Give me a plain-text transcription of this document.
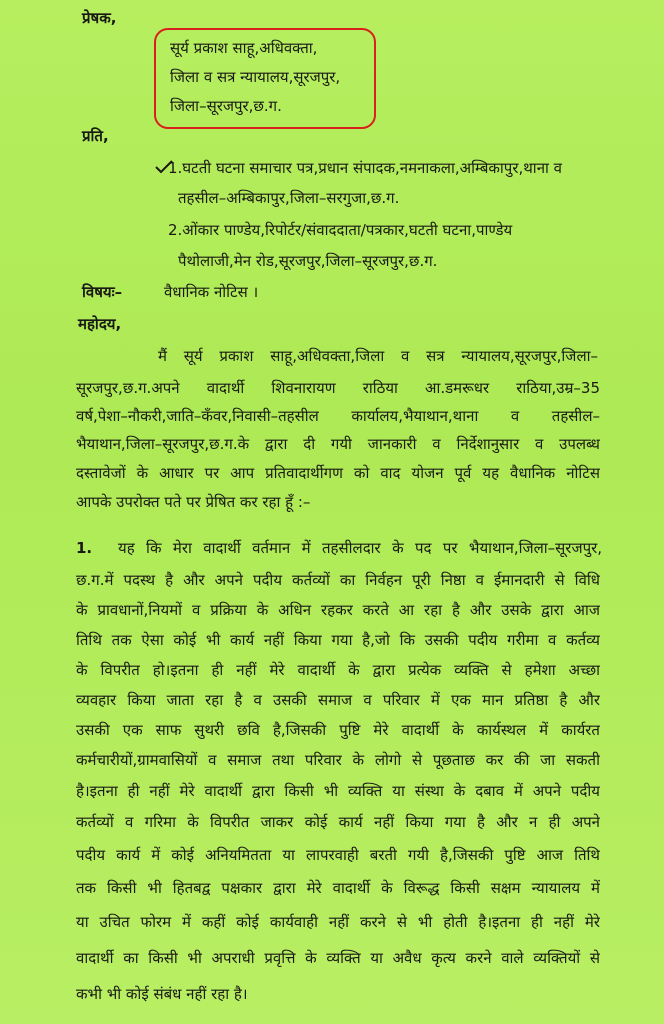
प्रेषक,
सूर्य प्रकाश साहू,अधिवक्ता,
जिला व सत्र न्यायालय,सूरजपुर,
जिला–सूरजपुर,छ.ग.
प्रति,
1.घटती घटना समाचार पत्र,प्रधान संपादक,नमनाकला,अम्बिकापुर,थाना व
तहसील–अम्बिकापुर,जिला–सरगुजा,छ.ग.
2.ओंकार पाण्डेय,रिपोर्टर/संवाददाता/पत्रकार,घटती घटना,पाण्डेय
पैथोलाजी,मेन रोड,सूरजपुर,जिला–सूरजपुर,छ.ग.
विषयः–	वैधानिक नोटिस ।
महोदय,
मैं सूर्य प्रकाश साहू,अधिवक्ता,जिला व सत्र न्यायालय,सूरजपुर,जिला–
सूरजपुर,छ.ग.अपने वादार्थी शिवनारायण राठिया आ.डमरूधर राठिया,उम्र–35
वर्ष,पेशा–नौकरी,जाति–कँवर,निवासी–तहसील कार्यालय,भैयाथान,थाना व तहसील–
भैयाथान,जिला–सूरजपुर,छ.ग.के द्वारा दी गयी जानकारी व निर्देशानुसार व उपलब्ध
दस्तावेजों के आधार पर आप प्रतिवादार्थीगण को वाद योजन पूर्व यह वैधानिक नोटिस
आपके उपरोक्त पते पर प्रेषित कर रहा हूँ :–
1. यह कि मेरा वादार्थी वर्तमान में तहसीलदार के पद पर भैयाथान,जिला–सूरजपुर,
छ.ग.में पदस्थ है और अपने पदीय कर्तव्यों का निर्वहन पूरी निष्ठा व ईमानदारी से विधि
के प्रावधानों,नियमों व प्रक्रिया के अधिन रहकर करते आ रहा है और उसके द्वारा आज
तिथि तक ऐसा कोई भी कार्य नहीं किया गया है,जो कि उसकी पदीय गरीमा व कर्तव्य
के विपरीत हो।इतना ही नहीं मेरे वादार्थी के द्वारा प्रत्येक व्यक्ति से हमेशा अच्छा
व्यवहार किया जाता रहा है व उसकी समाज व परिवार में एक मान प्रतिष्ठा है और
उसकी एक साफ सुथरी छवि है,जिसकी पुष्टि मेरे वादार्थी के कार्यस्थल में कार्यरत
कर्मचारीयों,ग्रामवासियों व समाज तथा परिवार के लोगो से पूछताछ कर की जा सकती
है।इतना ही नहीं मेरे वादार्थी द्वारा किसी भी व्यक्ति या संस्था के दबाव में अपने पदीय
कर्तव्यों व गरिमा के विपरीत जाकर कोई कार्य नहीं किया गया है और न ही अपने
पदीय कार्य में कोई अनियमितता या लापरवाही बरती गयी है,जिसकी पुष्टि आज तिथि
तक किसी भी हितबद्व पक्षकार द्वारा मेरे वादार्थी के विरूद्ध किसी सक्षम न्यायालय में
या उचित फोरम में कहीं कोई कार्यवाही नहीं करने से भी होती है।इतना ही नहीं मेरे
वादार्थी का किसी भी अपराधी प्रवृत्ति के व्यक्ति या अवैध कृत्य करने वाले व्यक्तियों से
कभी भी कोई संबंध नहीं रहा है।
